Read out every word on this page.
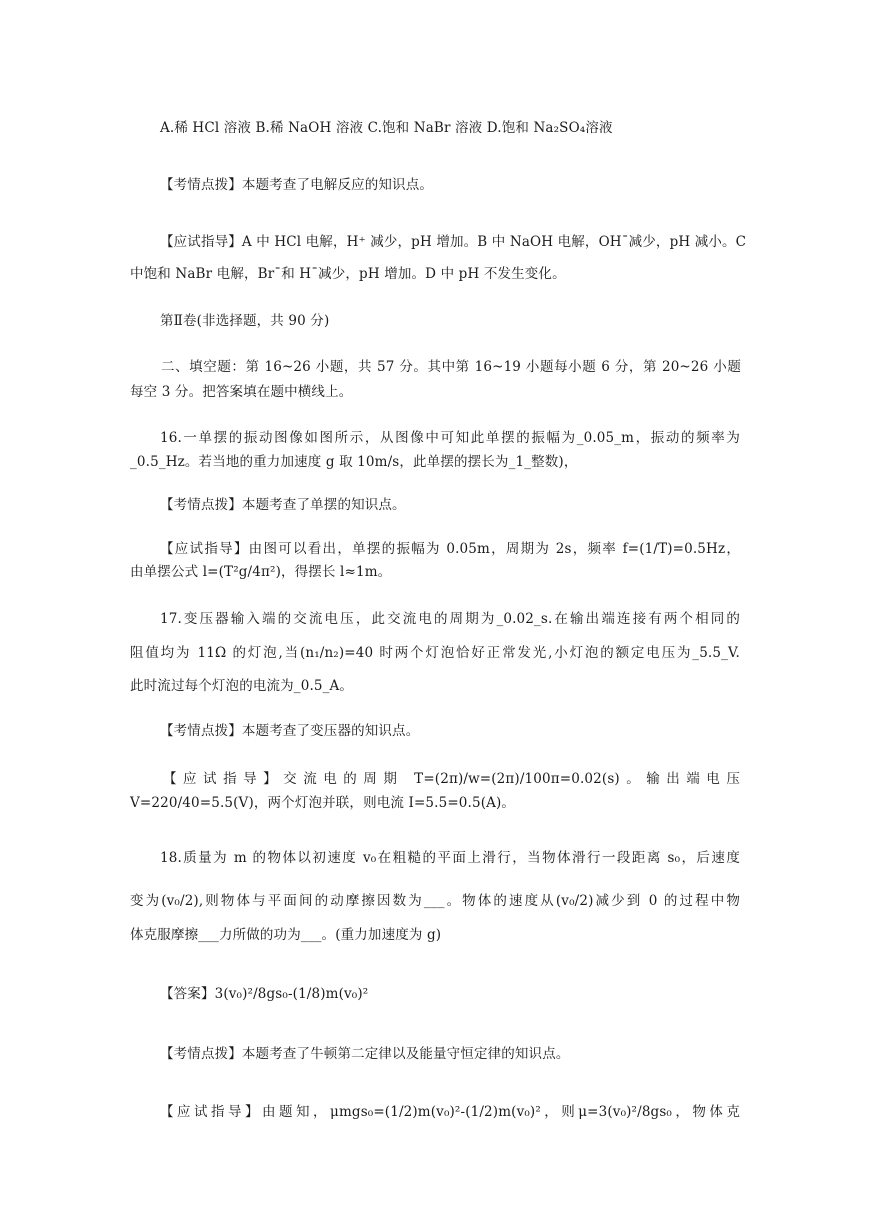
A.稀 HCl 溶液 B.稀 NaOH 溶液 C.饱和 NaBr 溶液 D.饱和 Na₂SO₄溶液
【考情点拨】本题考查了电解反应的知识点。
【应试指导】A 中 HCl 电解，H⁺ 减少，pH 增加。B 中 NaOH 电解，OH¯减少，pH 减小。C
中饱和 NaBr 电解，Br¯和 H¯减少，pH 增加。D 中 pH 不发生变化。
第Ⅱ卷(非选择题，共 90 分)
二、填空题：第 16~26 小题，共 57 分。其中第 16~19 小题每小题 6 分，第 20~26 小题
每空 3 分。把答案填在题中横线上。
16.一单摆的振动图像如图所示，从图像中可知此单摆的振幅为_0.05_m，振动的频率为
_0.5_Hz。若当地的重力加速度 g 取 10m/s，此单摆的摆长为_1_整数)，
【考情点拨】本题考查了单摆的知识点。
【应试指导】由图可以看出，单摆的振幅为 0.05m，周期为 2s，频率 f=(1/T)=0.5Hz，
由单摆公式 l=(T²g/4π²)，得摆长 l≈1m。
17.变压器输入端的交流电压，此交流电的周期为_0.02_s.在输出端连接有两个相同的
阻值均为 11Ω 的灯泡,当(n₁/n₂)=40 时两个灯泡恰好正常发光,小灯泡的额定电压为_5.5_V.
此时流过每个灯泡的电流为_0.5_A。
【考情点拨】本题考查了变压器的知识点。
【应试指导】交流电的周期 T=(2π)/w=(2π)/100π=0.02(s)。输出端电压
V=220/40=5.5(V)，两个灯泡并联，则电流 I=5.5=0.5(A)。
18.质量为 m 的物体以初速度 v₀在粗糙的平面上滑行，当物体滑行一段距离 s₀，后速度
变为(v₀/2),则物体与平面间的动摩擦因数为___。物体的速度从(v₀/2)减少到 0 的过程中物
体克服摩擦___力所做的功为___。(重力加速度为 g)
【答案】3(v₀)²/8gs₀-(1/8)m(v₀)²
【考情点拨】本题考查了牛顿第二定律以及能量守恒定律的知识点。
【应试指导】由题知，μmgs₀=(1/2)m(v₀)²-(1/2)m(v₀)²，则μ=3(v₀)²/8gs₀，物体克
